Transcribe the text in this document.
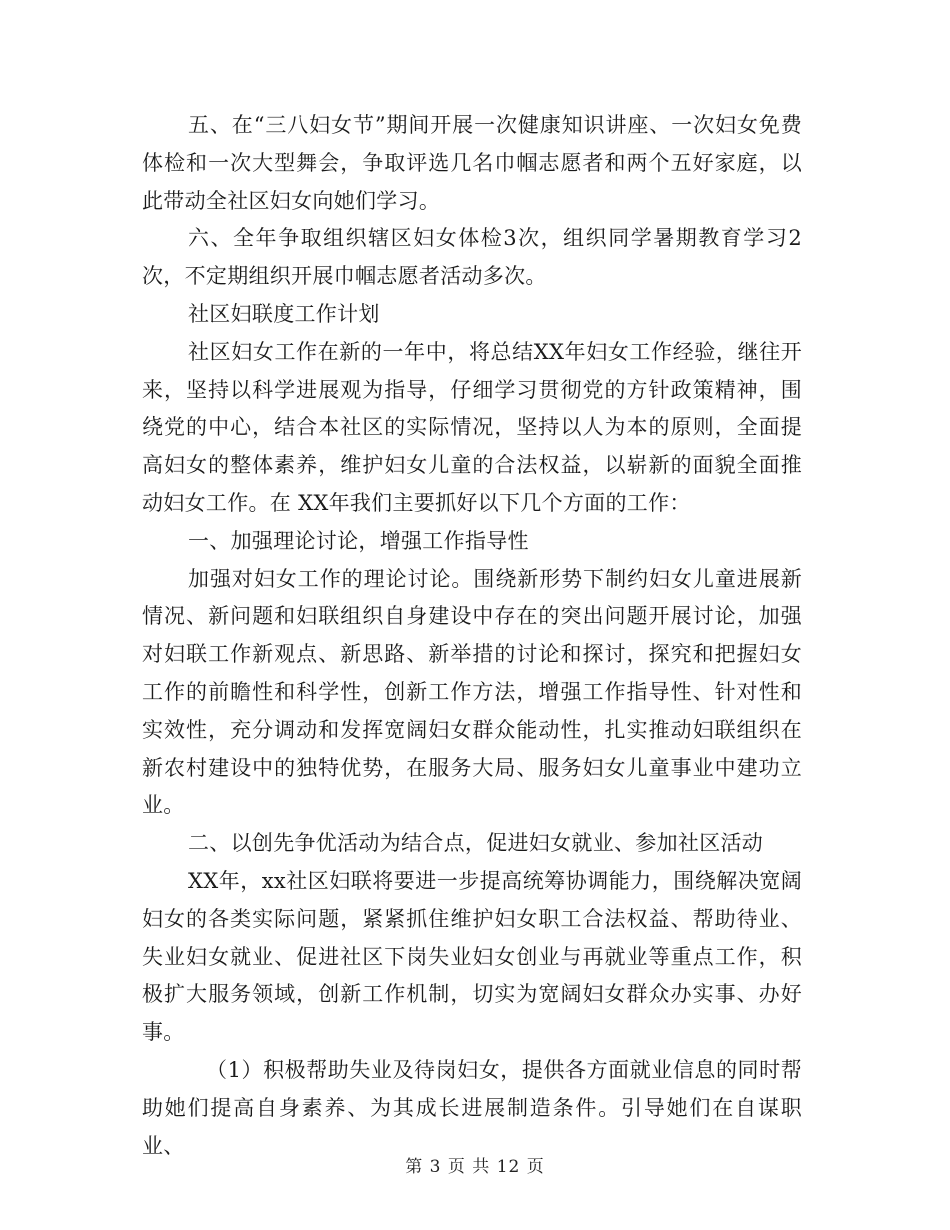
五、在“三八妇女节”期间开展一次健康知识讲座、一次妇女免费体检和一次大型舞会，争取评选几名巾帼志愿者和两个五好家庭，以此带动全社区妇女向她们学习。

六、全年争取组织辖区妇女体检3次，组织同学暑期教育学习2次，不定期组织开展巾帼志愿者活动多次。

社区妇联度工作计划

社区妇女工作在新的一年中，将总结XX年妇女工作经验，继往开来，坚持以科学进展观为指导，仔细学习贯彻党的方针政策精神，围绕党的中心，结合本社区的实际情况，坚持以人为本的原则，全面提高妇女的整体素养，维护妇女儿童的合法权益，以崭新的面貌全面推动妇女工作。在 XX年我们主要抓好以下几个方面的工作：

一、加强理论讨论，增强工作指导性

加强对妇女工作的理论讨论。围绕新形势下制约妇女儿童进展新情况、新问题和妇联组织自身建设中存在的突出问题开展讨论，加强对妇联工作新观点、新思路、新举措的讨论和探讨，探究和把握妇女工作的前瞻性和科学性，创新工作方法，增强工作指导性、针对性和实效性，充分调动和发挥宽阔妇女群众能动性，扎实推动妇联组织在新农村建设中的独特优势，在服务大局、服务妇女儿童事业中建功立业。

二、以创先争优活动为结合点，促进妇女就业、参加社区活动

XX年，xx社区妇联将要进一步提高统筹协调能力，围绕解决宽阔妇女的各类实际问题，紧紧抓住维护妇女职工合法权益、帮助待业、失业妇女就业、促进社区下岗失业妇女创业与再就业等重点工作，积极扩大服务领域，创新工作机制，切实为宽阔妇女群众办实事、办好事。

（1）积极帮助失业及待岗妇女，提供各方面就业信息的同时帮助她们提高自身素养、为其成长进展制造条件。引导她们在自谋职业、

第 3 页 共 12 页
